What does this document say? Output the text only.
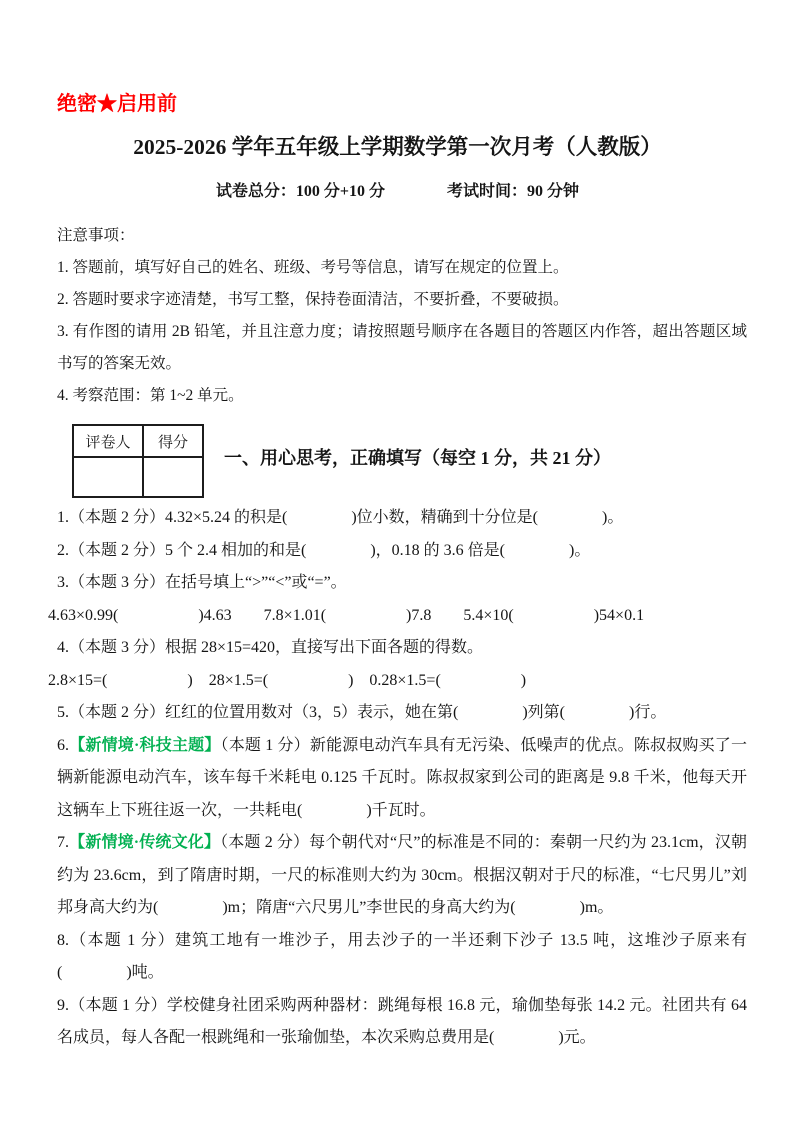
绝密★启用前
2025-2026 学年五年级上学期数学第一次月考（人教版）
试卷总分：100 分+10 分	考试时间：90 分钟

注意事项：

1. 答题前，填写好自己的姓名、班级、考号等信息，请写在规定的位置上。

2. 答题时要求字迹清楚，书写工整，保持卷面清洁，不要折叠，不要破损。

3. 有作图的请用 2B 铅笔，并且注意力度；请按照题号顺序在各题目的答题区内作答，超出答题区域书写的答案无效。

4. 考察范围：第 1~2 单元。

评卷人	得分

一、用心思考，正确填写（每空 1 分，共 21 分）

1.（本题 2 分）4.32×5.24 的积是(　　　　)位小数，精确到十分位是(　　　　)。

2.（本题 2 分）5 个 2.4 相加的和是(　　　　)，0.18 的 3.6 倍是(　　　　)。

3.（本题 3 分）在括号填上“>”“<”或“=”。

4.63×0.99(　　　　　)4.63　　7.8×1.01(　　　　　)7.8　　5.4×10(　　　　　)54×0.1

4.（本题 3 分）根据 28×15=420，直接写出下面各题的得数。

2.8×15=(　　　　　)　28×1.5=(　　　　　)　0.28×1.5=(　　　　　)

5.（本题 2 分）红红的位置用数对（3，5）表示，她在第(　　　　)列第(　　　　)行。

6.【新情境·科技主题】（本题 1 分）新能源电动汽车具有无污染、低噪声的优点。陈叔叔购买了一辆新能源电动汽车，该车每千米耗电 0.125 千瓦时。陈叔叔家到公司的距离是 9.8 千米，他每天开这辆车上下班往返一次，一共耗电(　　　　)千瓦时。

7.【新情境·传统文化】（本题 2 分）每个朝代对“尺”的标准是不同的：秦朝一尺约为 23.1cm，汉朝约为 23.6cm，到了隋唐时期，一尺的标准则大约为 30cm。根据汉朝对于尺的标准，“七尺男儿”刘邦身高大约为(　　　　)m；隋唐“六尺男儿”李世民的身高大约为(　　　　)m。

8.（本题 1 分）建筑工地有一堆沙子，用去沙子的一半还剩下沙子 13.5 吨，这堆沙子原来有(　　　　)吨。

9.（本题 1 分）学校健身社团采购两种器材：跳绳每根 16.8 元，瑜伽垫每张 14.2 元。社团共有 64 名成员，每人各配一根跳绳和一张瑜伽垫，本次采购总费用是(　　　　)元。
